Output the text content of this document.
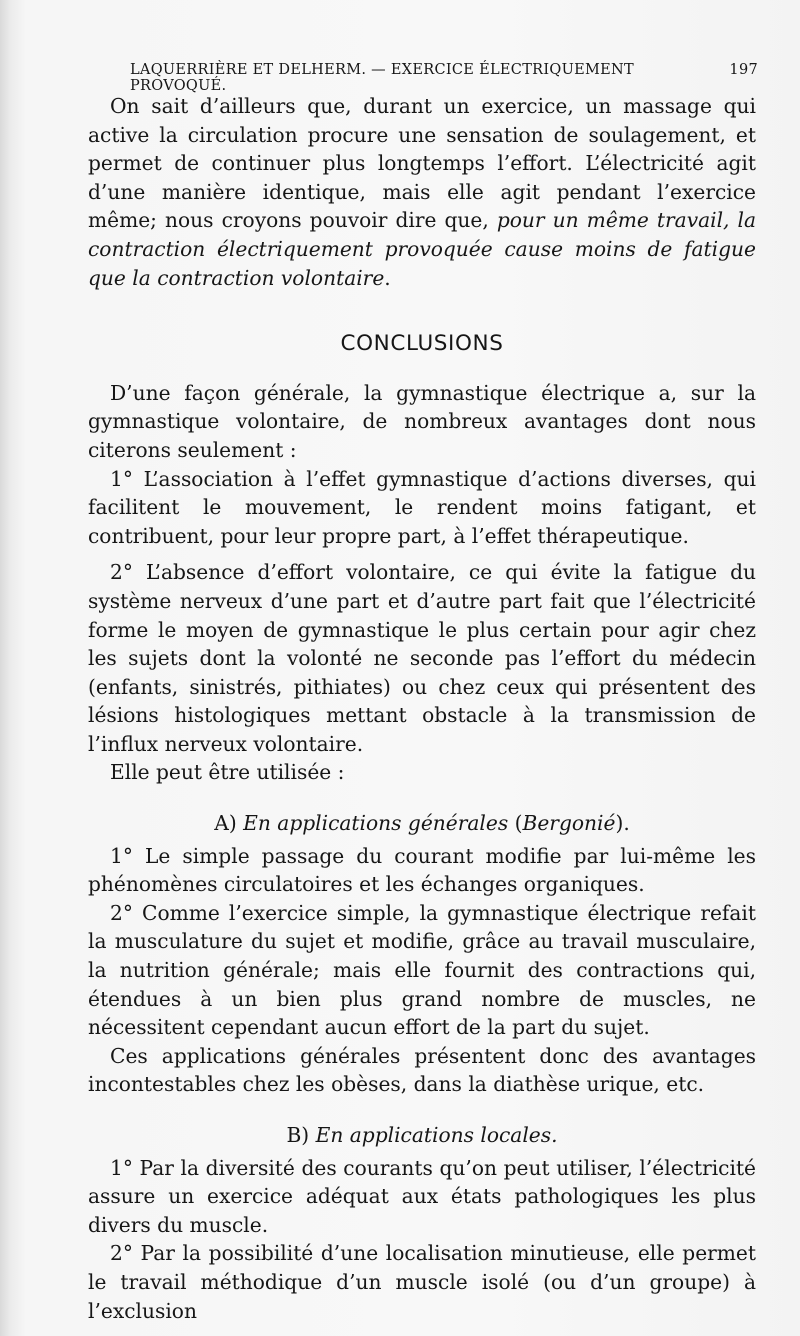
LAQUERRIÈRE ET DELHERM. — EXERCICE ÉLECTRIQUEMENT PROVOQUÉ.
197

On sait d’ailleurs que, durant un exercice, un massage qui active la circulation procure une sensation de soulagement, et permet de continuer plus longtemps l’effort. L’électricité agit d’une manière identique, mais elle agit pendant l’exercice même; nous croyons pouvoir dire que, pour un même travail, la contraction électriquement provoquée cause moins de fatigue que la contraction volontaire.

CONCLUSIONS

D’une façon générale, la gymnastique électrique a, sur la gymnastique volontaire, de nombreux avantages dont nous citerons seulement :

1° L’association à l’effet gymnastique d’actions diverses, qui facilitent le mouvement, le rendent moins fatigant, et contribuent, pour leur propre part, à l’effet thérapeutique.

2° L’absence d’effort volontaire, ce qui évite la fatigue du système nerveux d’une part et d’autre part fait que l’électricité forme le moyen de gymnastique le plus certain pour agir chez les sujets dont la volonté ne seconde pas l’effort du médecin (enfants, sinistrés, pithiates) ou chez ceux qui présentent des lésions histologiques mettant obstacle à la transmission de l’influx nerveux volontaire.

Elle peut être utilisée :

A) En applications générales (Bergonié).

1° Le simple passage du courant modifie par lui-même les phénomènes circulatoires et les échanges organiques.

2° Comme l’exercice simple, la gymnastique électrique refait la musculature du sujet et modifie, grâce au travail musculaire, la nutrition générale; mais elle fournit des contractions qui, étendues à un bien plus grand nombre de muscles, ne nécessitent cependant aucun effort de la part du sujet.

Ces applications générales présentent donc des avantages incontestables chez les obèses, dans la diathèse urique, etc.

B) En applications locales.

1° Par la diversité des courants qu’on peut utiliser, l’électricité assure un exercice adéquat aux états pathologiques les plus divers du muscle.

2° Par la possibilité d’une localisation minutieuse, elle permet le travail méthodique d’un muscle isolé (ou d’un groupe) à l’exclusion
